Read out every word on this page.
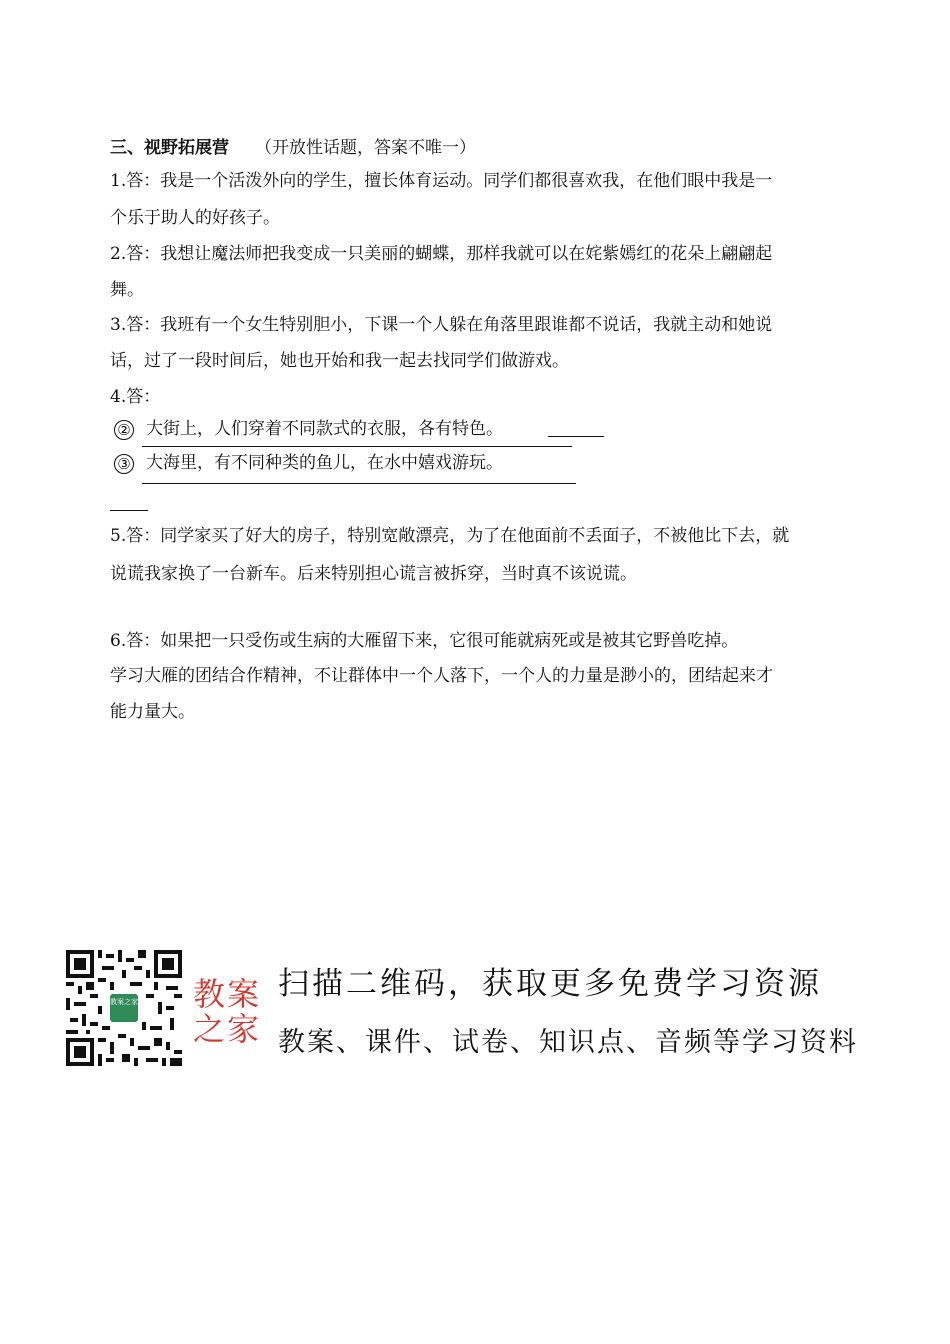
三、视野拓展营 （开放性话题，答案不唯一）
1.答：我是一个活泼外向的学生，擅长体育运动。同学们都很喜欢我，在他们眼中我是一
个乐于助人的好孩子。
2.答：我想让魔法师把我变成一只美丽的蝴蝶，那样我就可以在姹紫嫣红的花朵上翩翩起
舞。
3.答：我班有一个女生特别胆小，下课一个人躲在角落里跟谁都不说话，我就主动和她说
话，过了一段时间后，她也开始和我一起去找同学们做游戏。
4.答：
② 大街上，人们穿着不同款式的衣服，各有特色。
③ 大海里，有不同种类的鱼儿，在水中嬉戏游玩。
5.答：同学家买了好大的房子，特别宽敞漂亮，为了在他面前不丢面子，不被他比下去，就
说谎我家换了一台新车。后来特别担心谎言被拆穿，当时真不该说谎。
6.答：如果把一只受伤或生病的大雁留下来，它很可能就病死或是被其它野兽吃掉。
学习大雁的团结合作精神，不让群体中一个人落下，一个人的力量是渺小的，团结起来才
能力量大。
教案之家 教案
之家
扫描二维码，获取更多免费学习资源
教案、课件、试卷、知识点、音频等学习资料
